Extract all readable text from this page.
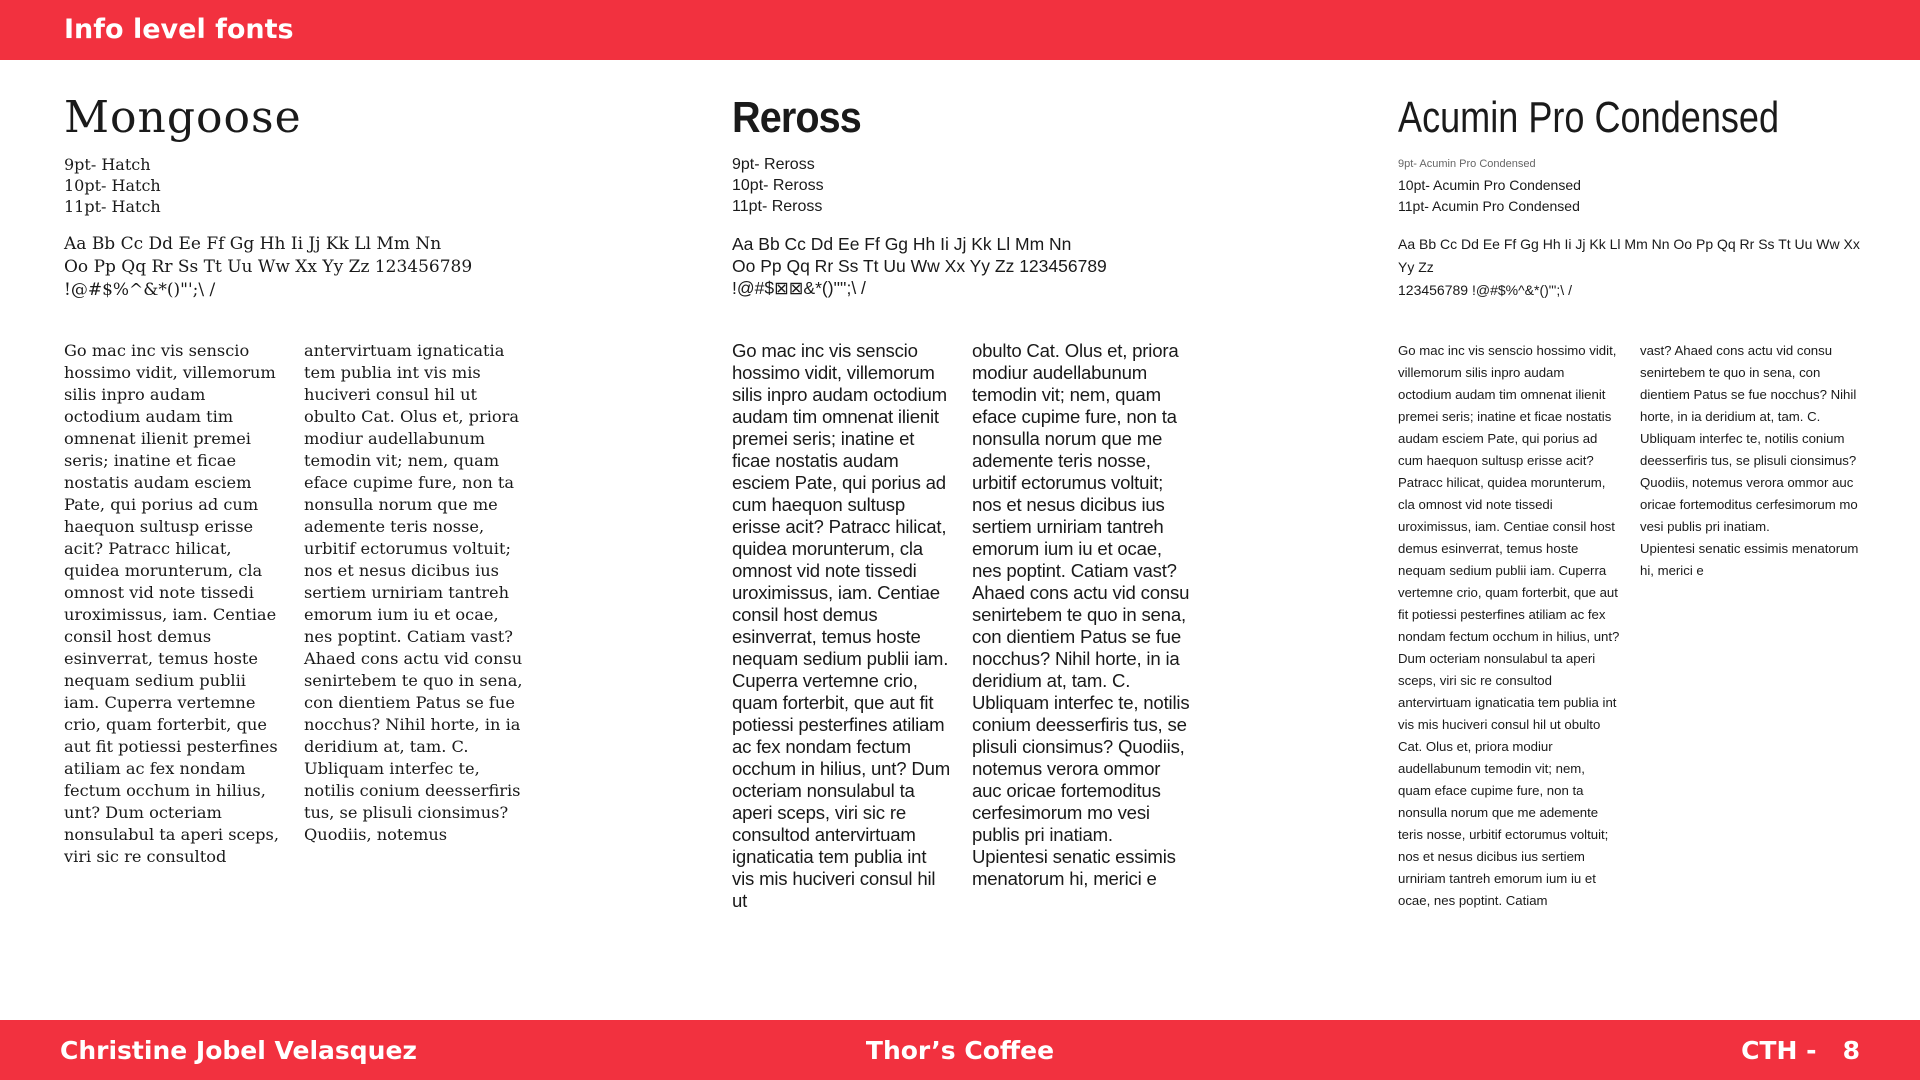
Info level fonts
Mongoose
9pt- Hatch
10pt- Hatch
11pt- Hatch
Aa Bb Cc Dd Ee Ff Gg Hh Ii Jj Kk Ll Mm Nn
Oo Pp Qq Rr Ss Tt Uu Ww Xx Yy Zz 123456789
!@#$%^&*()"';\ /

Go mac inc vis senscio hossimo vidit, villemorum silis inpro audam octodium audam tim omnenat ilienit premei seris; inatine et ficae nostatis audam esciem Pate, qui porius ad cum haequon sultusp erisse acit? Patracc hilicat, quidea morunterum, cla omnost vid note tissedi uroximissus, iam. Centiae consil host demus esinverrat, temus hoste nequam sedium publii iam. Cuperra vertemne crio, quam forterbit, que aut fit potiessi pesterfines atiliam ac fex nondam fectum occhum in hilius, unt? Dum octeriam nonsulabul ta aperi sceps, viri sic re consultod

antervirtuam ignaticatia tem publia int vis mis huciveri consul hil ut obulto Cat. Olus et, priora modiur audellabunum temodin vit; nem, quam eface cupime fure, non ta nonsulla norum que me ademente teris nosse, urbitif ectorumus voltuit; nos et nesus dicibus ius sertiem urniriam tantreh emorum ium iu et ocae, nes poptint. Catiam vast? Ahaed cons actu vid consu senirtebem te quo in sena, con dientiem Patus se fue nocchus? Nihil horte, in ia deridium at, tam. C. Ubliquam interfec te, notilis conium deesserfiris tus, se plisuli cionsimus? Quodiis, notemus

Reross
9pt- Reross
10pt- Reross
11pt- Reross
Aa Bb Cc Dd Ee Ff Gg Hh Ii Jj Kk Ll Mm Nn
Oo Pp Qq Rr Ss Tt Uu Ww Xx Yy Zz 123456789
!@#$⊠⊠&*()'"';\ /

Go mac inc vis senscio hossimo vidit, villemorum silis inpro audam octodium audam tim omnenat ilienit premei seris; inatine et ficae nostatis audam esciem Pate, qui porius ad cum haequon sultusp erisse acit? Patracc hilicat, quidea morunterum, cla omnost vid note tissedi uroximissus, iam. Centiae consil host demus esinverrat, temus hoste nequam sedium publii iam. Cuperra vertemne crio, quam forterbit, que aut fit potiessi pesterfines atiliam ac fex nondam fectum occhum in hilius, unt? Dum octeriam nonsulabul ta aperi sceps, viri sic re consultod antervirtuam ignaticatia tem publia int vis mis huciveri consul hil ut

obulto Cat. Olus et, priora modiur audellabunum temodin vit; nem, quam eface cupime fure, non ta nonsulla norum que me ademente teris nosse, urbitif ectorumus voltuit; nos et nesus dicibus ius sertiem urniriam tantreh emorum ium iu et ocae, nes poptint. Catiam vast? Ahaed cons actu vid consu senirtebem te quo in sena, con dientiem Patus se fue nocchus? Nihil horte, in ia deridium at, tam. C. Ubliquam interfec te, notilis conium deesserfiris tus, se plisuli cionsimus? Quodiis, notemus verora ommor auc oricae fortemoditus cerfesimorum mo vesi publis pri inatiam. Upientesi senatic essimis menatorum hi, merici e

Acumin Pro Condensed
9pt- Acumin Pro Condensed
10pt- Acumin Pro Condensed
11pt- Acumin Pro Condensed
Aa Bb Cc Dd Ee Ff Gg Hh Ii Jj Kk Ll Mm Nn Oo Pp Qq Rr Ss Tt Uu Ww Xx Yy Zz
123456789 !@#$%^&*()"';\ /

Go mac inc vis senscio hossimo vidit, villemorum silis inpro audam octodium audam tim omnenat ilienit premei seris; inatine et ficae nostatis audam esciem Pate, qui porius ad cum haequon sultusp erisse acit? Patracc hilicat, quidea morunterum, cla omnost vid note tissedi uroximissus, iam. Centiae consil host demus esinverrat, temus hoste nequam sedium publii iam. Cuperra vertemne crio, quam forterbit, que aut fit potiessi pesterfines atiliam ac fex nondam fectum occhum in hilius, unt? Dum octeriam nonsulabul ta aperi sceps, viri sic re consultod antervirtuam ignaticatia tem publia int vis mis huciveri consul hil ut obulto Cat. Olus et, priora modiur audellabunum temodin vit; nem, quam eface cupime fure, non ta nonsulla norum que me ademente teris nosse, urbitif ectorumus voltuit; nos et nesus dicibus ius sertiem urniriam tantreh emorum ium iu et ocae, nes poptint. Catiam

vast? Ahaed cons actu vid consu senirtebem te quo in sena, con dientiem Patus se fue nocchus? Nihil horte, in ia deridium at, tam. C. Ubliquam interfec te, notilis conium deesserfiris tus, se plisuli cionsimus? Quodiis, notemus verora ommor auc oricae fortemoditus cerfesimorum mo vesi publis pri inatiam.

Upientesi senatic essimis menatorum hi, merici e

Christine Jobel Velasquez	Thor’s Coffee	CTH -   8
